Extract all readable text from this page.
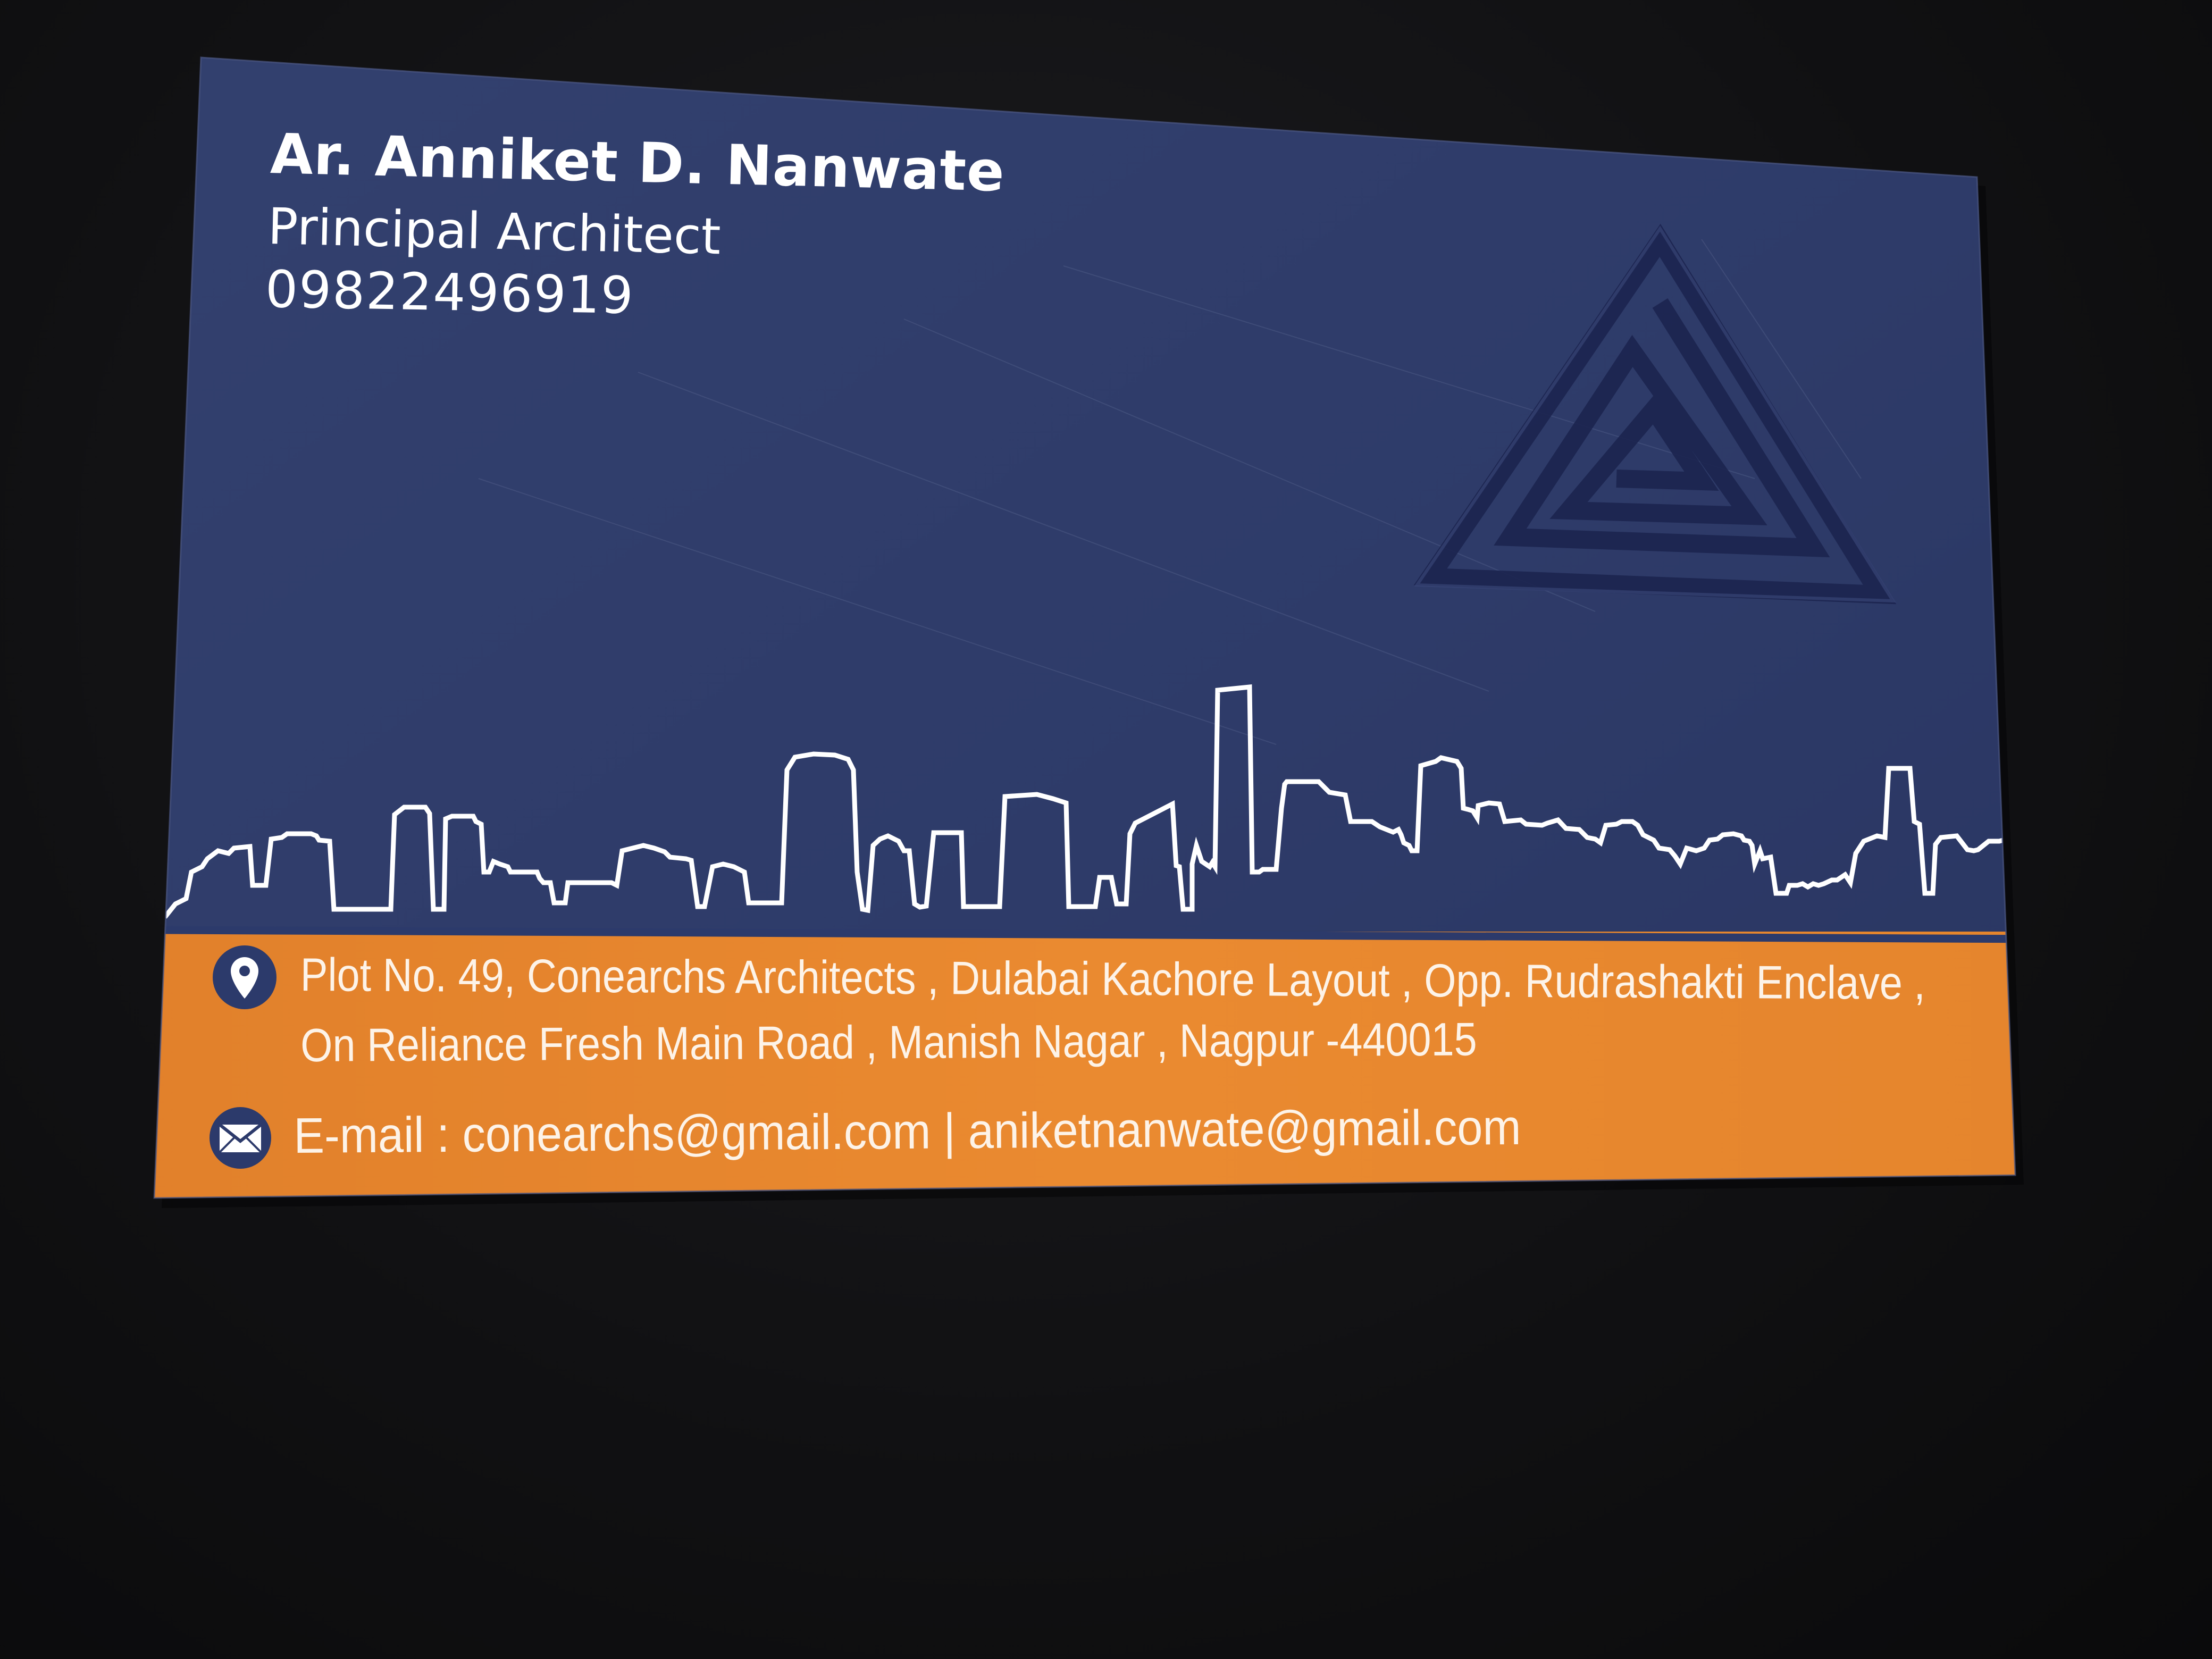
Ar. Anniket D. Nanwate
Principal Architect
09822496919
Plot No. 49, Conearchs Architects , Dulabai Kachore Layout , Opp. Rudrashakti Enclave ,
On Reliance Fresh Main Road , Manish Nagar , Nagpur -440015
E-mail : conearchs@gmail.com | aniketnanwate@gmail.com
